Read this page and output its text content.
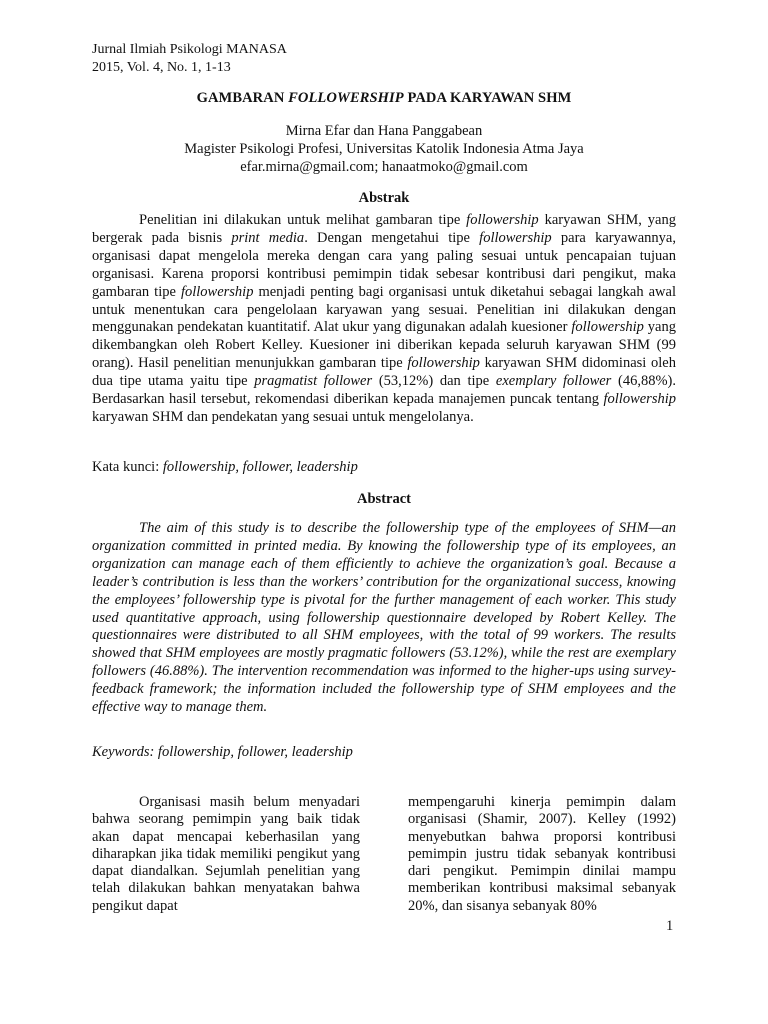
Jurnal Ilmiah Psikologi MANASA
2015, Vol. 4, No. 1, 1-13
GAMBARAN FOLLOWERSHIP PADA KARYAWAN SHM
Mirna Efar dan Hana Panggabean
Magister Psikologi Profesi, Universitas Katolik Indonesia Atma Jaya
efar.mirna@gmail.com; hanaatmoko@gmail.com
Abstrak

Penelitian ini dilakukan untuk melihat gambaran tipe followership karyawan SHM, yang bergerak pada bisnis print media. Dengan mengetahui tipe followership para karyawannya, organisasi dapat mengelola mereka dengan cara yang paling sesuai untuk pencapaian tujuan organisasi. Karena proporsi kontribusi pemimpin tidak sebesar kontribusi dari pengikut, maka gambaran tipe followership menjadi penting bagi organisasi untuk diketahui sebagai langkah awal untuk menentukan cara pengelolaan karyawan yang sesuai. Penelitian ini dilakukan dengan menggunakan pendekatan kuantitatif. Alat ukur yang digunakan adalah kuesioner followership yang dikembangkan oleh Robert Kelley. Kuesioner ini diberikan kepada seluruh karyawan SHM (99 orang). Hasil penelitian menunjukkan gambaran tipe followership karyawan SHM didominasi oleh dua tipe utama yaitu tipe pragmatist follower (53,12%) dan tipe exemplary follower (46,88%). Berdasarkan hasil tersebut, rekomendasi diberikan kepada manajemen puncak tentang followership karyawan SHM dan pendekatan yang sesuai untuk mengelolanya.

Kata kunci: followership, follower, leadership
Abstract

The aim of this study is to describe the followership type of the employees of SHM—an organization committed in printed media. By knowing the followership type of its employees, an organization can manage each of them efficiently to achieve the organization’s goal. Because a leader’s contribution is less than the workers’ contribution for the organizational success, knowing the employees’ followership type is pivotal for the further management of each worker. This study used quantitative approach, using followership questionnaire developed by Robert Kelley. The questionnaires were distributed to all SHM employees, with the total of 99 workers. The results showed that SHM employees are mostly pragmatic followers (53.12%), while the rest are exemplary followers (46.88%). The intervention recommendation was informed to the higher-ups using survey-feedback framework; the information included the followership type of SHM employees and the effective way to manage them.

Keywords: followership, follower, leadership

Organisasi masih belum menyadari bahwa seorang pemimpin yang baik tidak akan dapat mencapai keberhasilan yang diharapkan jika tidak memiliki pengikut yang dapat diandalkan. Sejumlah penelitian yang telah dilakukan bahkan menyatakan bahwa pengikut dapat

mempengaruhi kinerja pemimpin dalam organisasi (Shamir, 2007). Kelley (1992) menyebutkan bahwa proporsi kontribusi pemimpin justru tidak sebanyak kontribusi dari pengikut. Pemimpin dinilai mampu memberikan kontribusi maksimal sebanyak 20%, dan sisanya sebanyak 80%

1
